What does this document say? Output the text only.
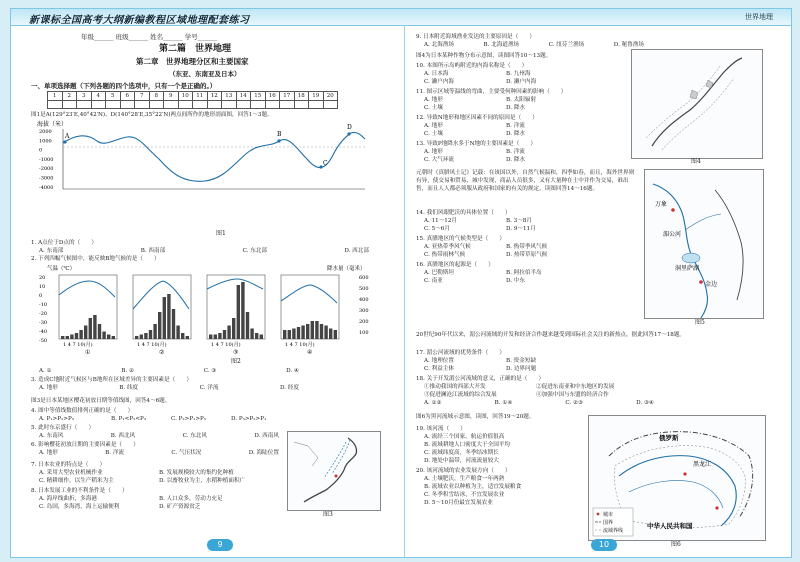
新课标全国高考大纲新编教程区域地理配套练习	世界地理
年级______ 班级______ 姓名______ 学号______
第二篇　世界地理
第二章　世界地理分区和主要国家
（东亚、东南亚及日本）
一、单项选择题（下列各题的四个选项中，只有一个是正确的。）
1	2	3	4	5	6	7	8	9	10	11	12	13	14	15	16	17	18	19	20

图1是A(129°23′E,40°42′N)、D(140°28′E,35°22′N)两点间所作的地形剖面图，回答1～3题。
海拔（米）
2000
1000
0
-1000
-2000
-3000
-4000
A	B
C
D
图1
1. A点位于D点的（　　）
A. 东南部	B. 西南部	C. 东北部	D. 西北部
2. 下列四幅气候图中，能反映B地气候的是（　　）
气温（℃）	降水量（毫米）
20
10
0
-10
-20
-30
-40
-50
600
500
400
300
200
100
1 4 7 10(月)
①
1 4 7 10(月)
②
1 4 7 10(月)
③
1 4 7 10(月)
④
图2
A. ①	B. ②	C. ③	D. ④
3. 造成C地附近气候区与B地所在区域差异的主要因素是（　　）
A. 地形	B. 纬度	C. 洋流	D. 经度
图3是日本某地区樱花初放日期等值线图，回答4～6题。
4. 图中等值线数值排列正确的是（　　）
A. P₁>P₂>P₃	B. P₁<P₂<P₃	C. P₂>P₁>P₃	D. P₃>P₂>P₁
5. 此时东京盛行（　　）
A. 东南风	B. 西北风	C. 东北风	D. 西南风
6. 影响樱花初放日期的主要因素是（　　）
A. 地形	B. 洋流	C. 气压状况	D. 海陆位置
图3
7. 日本农业的特点是（　　）
A. 采用大型农业机械作业	B. 发展规模较大的集约化种植
C. 精耕细作，以生产稻米为主	D. 以畜牧业为主，水稻种植面积广
8. 日本发展工业的不利条件是（　　）
A. 海岸线曲折，多海港	B. 人口众多，劳动力充足
C. 岛国，多海湾，海上运输便利	D. 矿产资源贫乏
9
9. 日本附近海域渔业发达的主要原因是（　　）
A. 北海渔场	B. 北海道渔场	C. 纽芬兰渔场	D. 秘鲁渔场
图4为日本某种作物分布示意图，读图回答10～13题。
10. 本图所示岛屿附近的内海名称是（　　）
A. 日本海	B. 九州海
C. 濑户内海	D. 濑户内海
11. 图示区域等温线的弯曲，主要受何种因素的影响（　　）
A. 地形	B. 太阳辐射
C. 土壤	D. 降水
12. 导致N地形和地区因素不同的原因是（　　）
A. 地形	B. 洋流
C. 土壤	D. 降水
13. 导致P地降水多于N地的主要因素是（　　）
A. 地形	B. 洋流
C. 大气环流	D. 降水	图4
元朝时《真腊风土记》记载：在该国以外，自然气候温和，四季如春，而且，海外世界则有异，使交易和贸易，城中发现，商品人员很多，又有大量种在土中并作为交易，谁出售，而且人人都必须服从政府和国家的有关的规定，读图回答14～16题。
14. 我们风眼肥沃的具体位置（　　）
A. 11～12月	B. 3～8月
C. 5～6月	D. 9～11月
15. 真腊地区的气候类型是（　　）
A. 亚热带季风气候	B. 热带季风气候
C. 热带雨林气候	D. 热带草原气候
16. 真腊地区的起源是（　　）
A. 巴勒斯坦	B. 阿拉伯半岛
C. 南亚	D. 中东
湄公河
洞里萨湖
金边
万象
图5
20世纪90年代以来，湄公河流域的开发和经济合作越来越受到国际社会关注的新热点，据此回答17～18题。
17. 湄公河流域的优势条件（　　）
A. 地理位置	B. 资金短缺
C. 利益主体	D. 边界问题
18. 关于开发湄公河流域的意义，正确的是（　　）
①推动我国的西部大开发	②促进东南亚和中东地区的发展
③促进澜沧江流域的综合发展	④加强中国与东盟的经济合作
A. ①②	B. ①④	C. ②③	D. ③④
图6为黑河流域示意图，读图，回答19～20题。
19. 该河流（　　）
A. 流经三个国家，航运价值很高
B. 流域耕地人口密度大于全国平均
C. 流域纬度高，冬季结冰期长
D. 地处中温带，河流流量较大
20. 该河流域的农业发展方向（　　）
A. 土壤肥沃，生产粮食一年两熟
B. 流域农业以种植为主，适宜发展粮食
C. 冬季积雪结冰，不宜发展农业
D. 5～10月份最宜发展农业
俄罗斯
中华人民共和国
黑龙江
城市
国界
流域界线
图6
10
